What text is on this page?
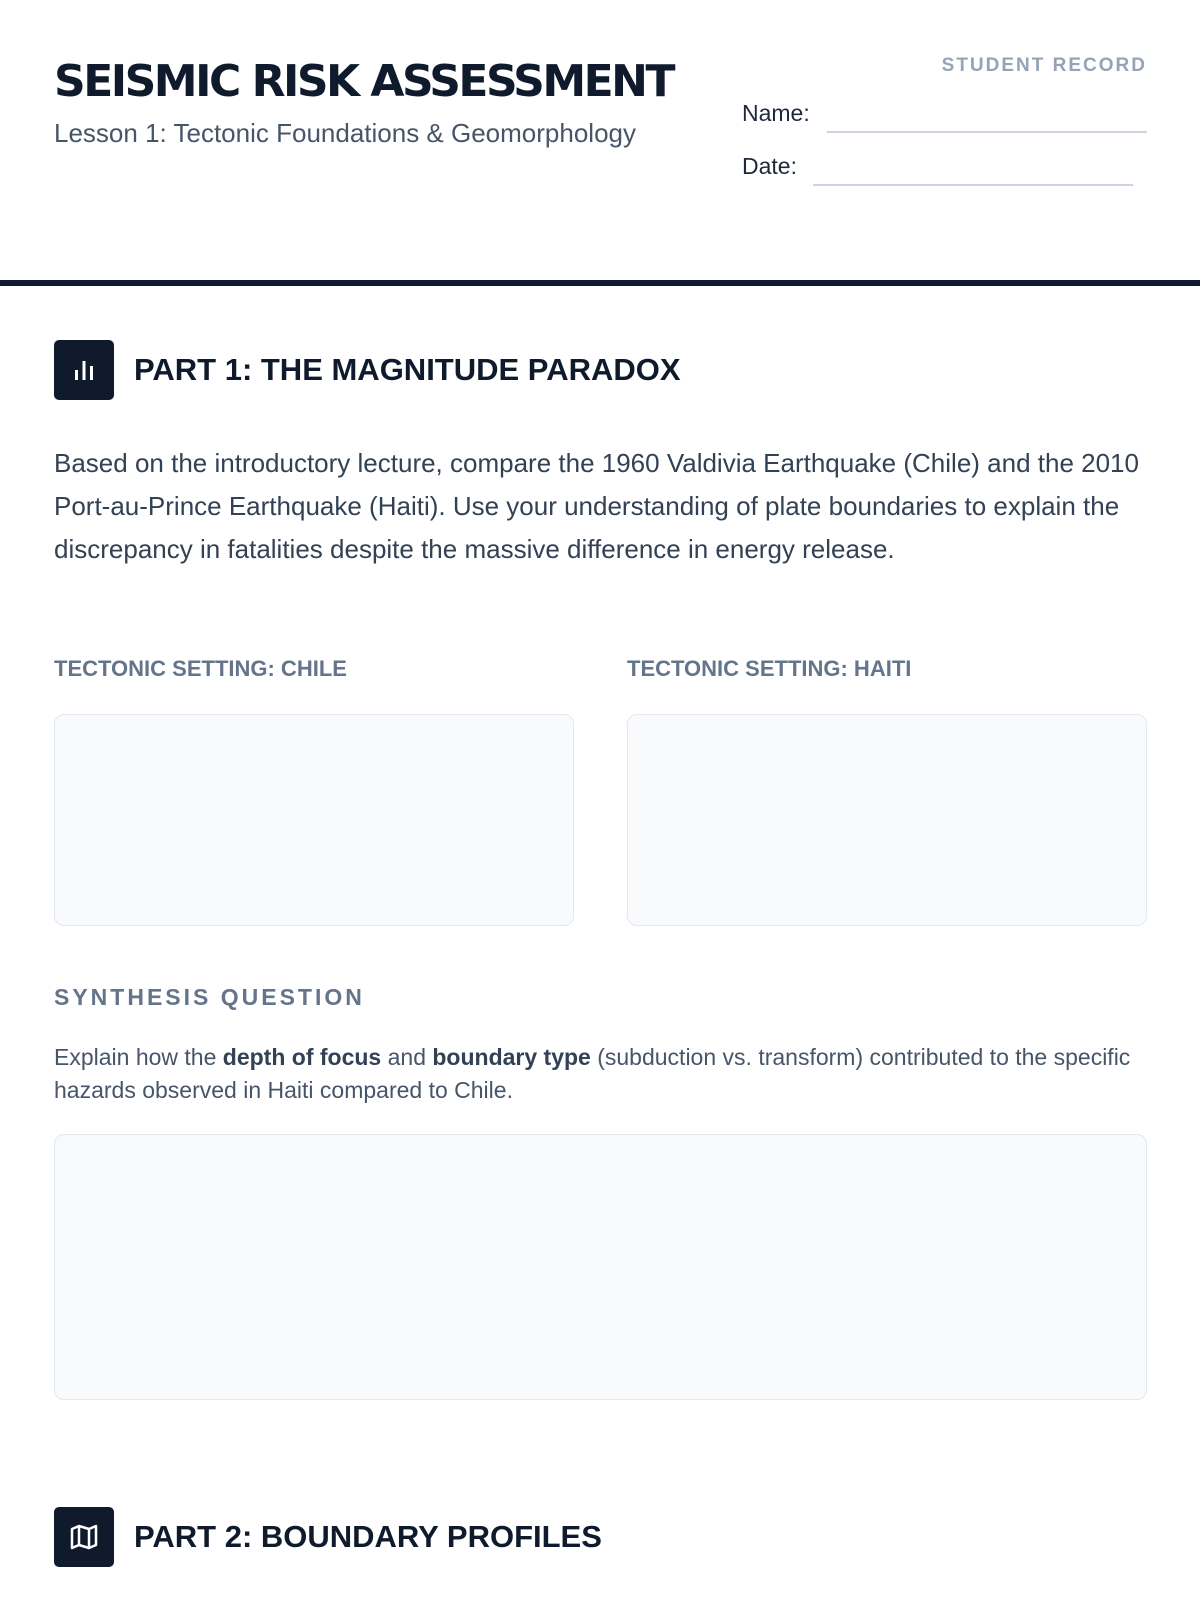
SEISMIC RISK ASSESSMENT
Lesson 1: Tectonic Foundations & Geomorphology
STUDENT RECORD
Name:
Date:
PART 1: THE MAGNITUDE PARADOX

Based on the introductory lecture, compare the 1960 Valdivia Earthquake (Chile) and the 2010 Port-au-Prince Earthquake (Haiti). Use your understanding of plate boundaries to explain the discrepancy in fatalities despite the massive difference in energy release.

TECTONIC SETTING: CHILE	TECTONIC SETTING: HAITI
SYNTHESIS QUESTION

Explain how the depth of focus and boundary type (subduction vs. transform) contributed to the specific hazards observed in Haiti compared to Chile.

PART 2: BOUNDARY PROFILES
